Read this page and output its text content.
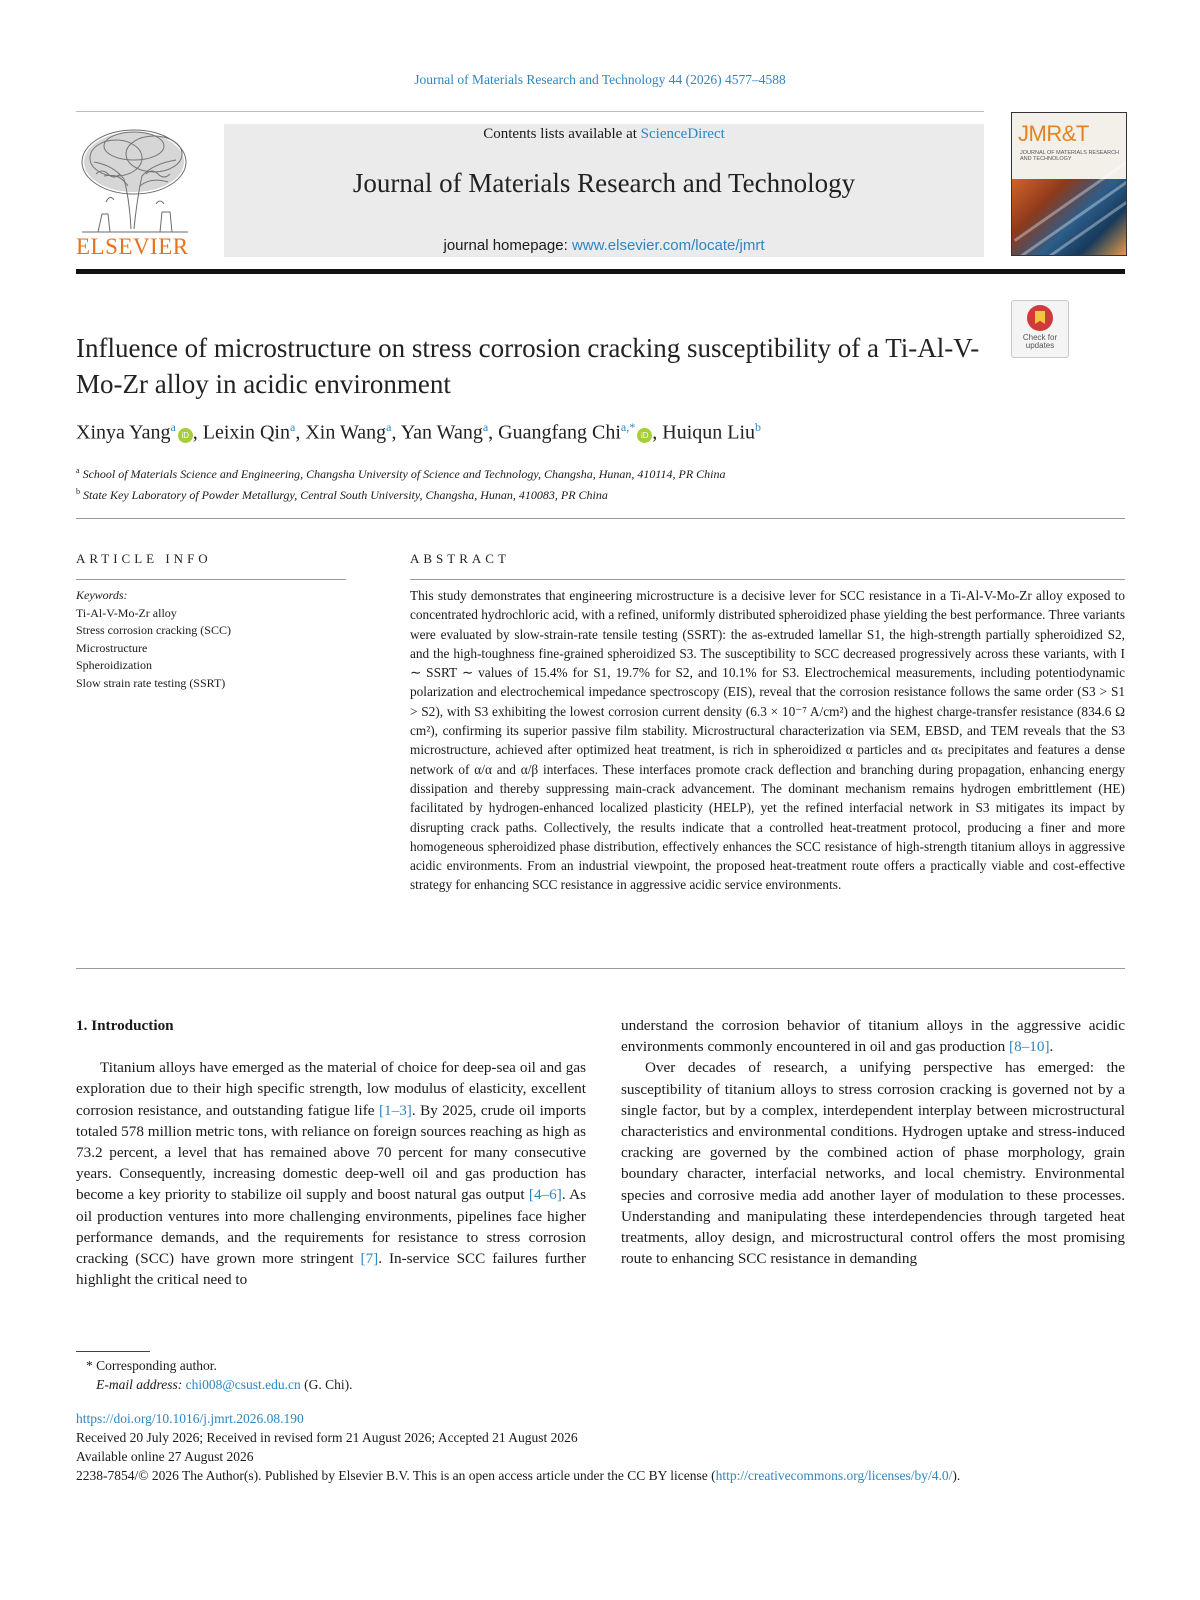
Journal of Materials Research and Technology 44 (2026) 4577–4588
ELSEVIER
Contents lists available at ScienceDirect
Journal of Materials Research and Technology
journal homepage: www.elsevier.com/locate/jmrt
JMR&T
JOURNAL OF MATERIALS RESEARCH AND TECHNOLOGY
Check for updates
Influence of microstructure on stress corrosion cracking susceptibility of a Ti-Al-V-Mo-Zr alloy in acidic environment
Xinya Yang$^a$iD , Leixin Qin$^a$, Xin Wang$^a$, Yan Wang$^a$, Guangfang Chi$^{a,*}$iD , Huiqun Liu$^b$
$^a$ School of Materials Science and Engineering, Changsha University of Science and Technology, Changsha, Hunan, 410114, PR China
$^b$ State Key Laboratory of Powder Metallurgy, Central South University, Changsha, Hunan, 410083, PR China
ARTICLE INFO
Keywords:
Ti-Al-V-Mo-Zr alloy
Stress corrosion cracking (SCC)
Microstructure
Spheroidization
Slow strain rate testing (SSRT)
ABSTRACT
This study demonstrates that engineering microstructure is a decisive lever for SCC resistance in a Ti-Al-V-Mo-Zr alloy exposed to concentrated hydrochloric acid, with a refined, uniformly distributed spheroidized phase yielding the best performance. Three variants were evaluated by slow-strain-rate tensile testing (SSRT): the as-extruded lamellar S1, the high-strength partially spheroidized S2, and the high-toughness fine-grained spheroidized S3. The susceptibility to SCC decreased progressively across these variants, with I ∼ SSRT ∼ values of 15.4% for S1, 19.7% for S2, and 10.1% for S3. Electrochemical measurements, including potentiodynamic polarization and electrochemical impedance spectroscopy (EIS), reveal that the corrosion resistance follows the same order (S3 > S1 > S2), with S3 exhibiting the lowest corrosion current density (6.3 × 10⁻⁷ A/cm²) and the highest charge-transfer resistance (834.6 Ω cm²), confirming its superior passive film stability. Microstructural characterization via SEM, EBSD, and TEM reveals that the S3 microstructure, achieved after optimized heat treatment, is rich in spheroidized α particles and αₛ precipitates and features a dense network of α/α and α/β interfaces. These interfaces promote crack deflection and branching during propagation, enhancing energy dissipation and thereby suppressing main-crack advancement. The dominant mechanism remains hydrogen embrittlement (HE) facilitated by hydrogen-enhanced localized plasticity (HELP), yet the refined interfacial network in S3 mitigates its impact by disrupting crack paths. Collectively, the results indicate that a controlled heat-treatment protocol, producing a finer and more homogeneous spheroidized phase distribution, effectively enhances the SCC resistance of high-strength titanium alloys in aggressive acidic environments. From an industrial viewpoint, the proposed heat-treatment route offers a practically viable and cost-effective strategy for enhancing SCC resistance in aggressive acidic service environments.
1. Introduction

Titanium alloys have emerged as the material of choice for deep-sea oil and gas exploration due to their high specific strength, low modulus of elasticity, excellent corrosion resistance, and outstanding fatigue life [1–3]. By 2025, crude oil imports totaled 578 million metric tons, with reliance on foreign sources reaching as high as 73.2 percent, a level that has remained above 70 percent for many consecutive years. Consequently, increasing domestic deep-well oil and gas production has become a key priority to stabilize oil supply and boost natural gas output [4–6]. As oil production ventures into more challenging environments, pipelines face higher performance demands, and the requirements for resistance to stress corrosion cracking (SCC) have grown more stringent [7]. In-service SCC failures further highlight the critical need to

understand the corrosion behavior of titanium alloys in the aggressive acidic environments commonly encountered in oil and gas production [8–10].

Over decades of research, a unifying perspective has emerged: the susceptibility of titanium alloys to stress corrosion cracking is governed not by a single factor, but by a complex, interdependent interplay between microstructural characteristics and environmental conditions. Hydrogen uptake and stress-induced cracking are governed by the combined action of phase morphology, grain boundary character, interfacial networks, and local chemistry. Environmental species and corrosive media add another layer of modulation to these processes. Understanding and manipulating these interdependencies through targeted heat treatments, alloy design, and microstructural control offers the most promising route to enhancing SCC resistance in demanding

* Corresponding author.
E-mail address: chi008@csust.edu.cn (G. Chi).
https://doi.org/10.1016/j.jmrt.2026.08.190
Received 20 July 2026; Received in revised form 21 August 2026; Accepted 21 August 2026
Available online 27 August 2026
2238-7854/© 2026 The Author(s). Published by Elsevier B.V. This is an open access article under the CC BY license (http://creativecommons.org/licenses/by/4.0/).
